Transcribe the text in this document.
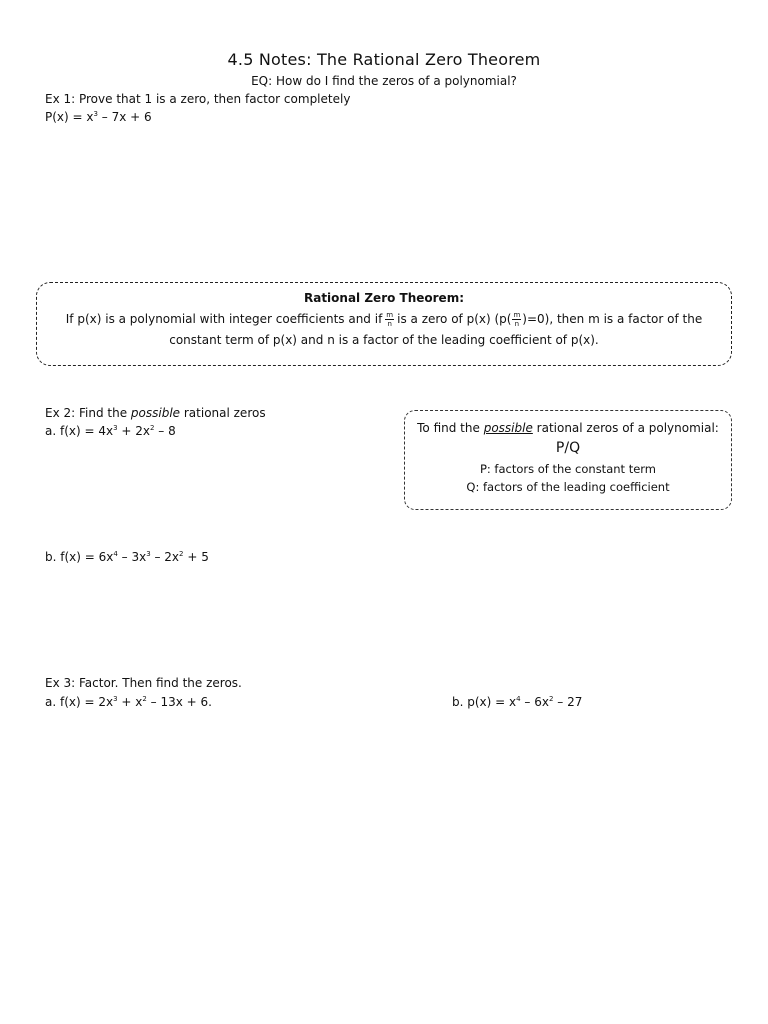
4.5 Notes: The Rational Zero Theorem
EQ: How do I find the zeros of a polynomial?
Ex 1: Prove that 1 is a zero, then factor completely
$P(x) = x^3 - 7x + 6$
Rational Zero Theorem:
If p(x) is a polynomial with integer coefficients and if $\frac{m}{n}$ is a zero of p(x) $(p( \frac{m}{n} )=0)$, then m is a factor of the
constant term of p(x) and n is a factor of the leading coefficient of p(x).
Ex 2: Find the possible rational zeros
a. $f(x) = 4x^3 + 2x^2 - 8$	To find the possible rational zeros of a polynomial:
P/Q
P: factors of the constant term
Q: factors of the leading coefficient
b. $f(x) = 6x^4 - 3x^3 - 2x^2 + 5$
Ex 3: Factor. Then find the zeros.
a. $f(x) = 2x^3 + x^2 - 13x + 6$.	b. $p(x) = x^4 - 6x^2 - 27$
